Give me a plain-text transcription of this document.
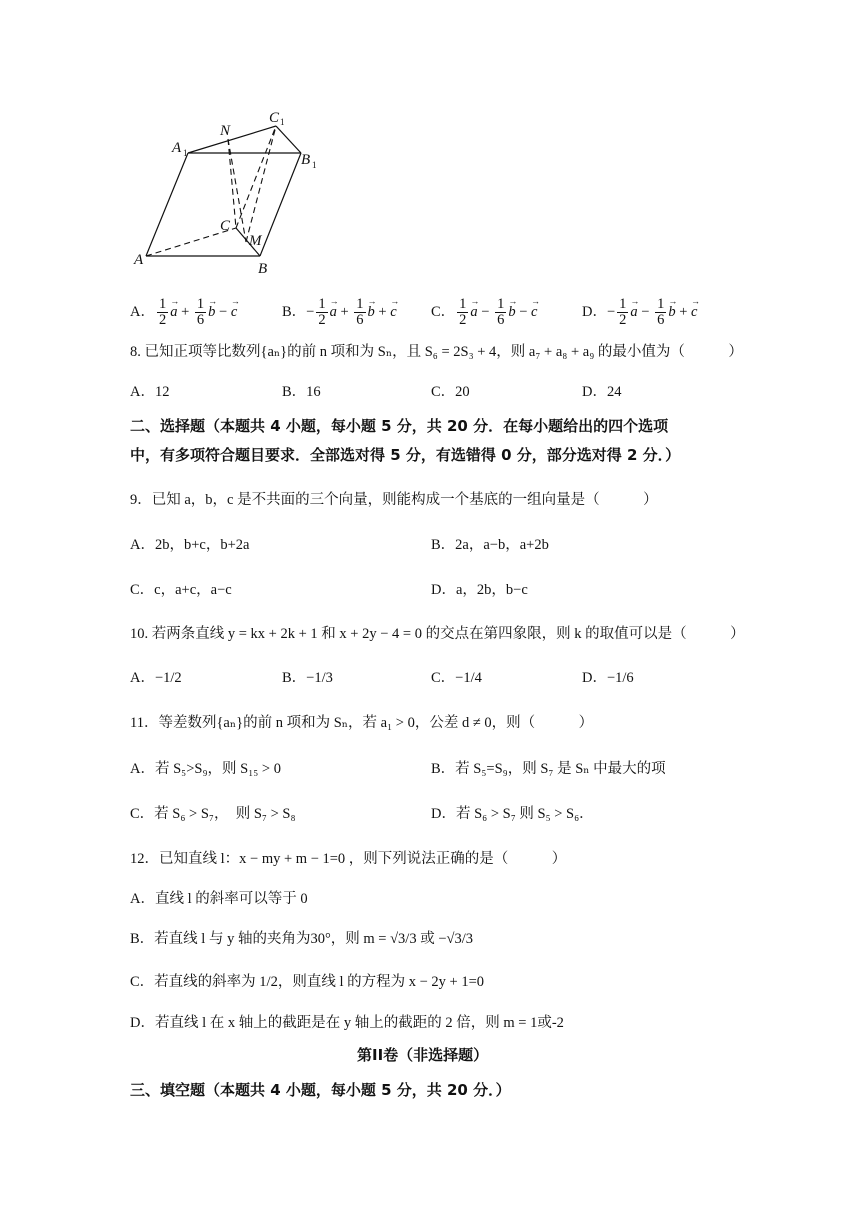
A 1
N
C 1
B 1
C
M
A
B
A． $\frac{1}{2}$
→ $a + \frac{1}{6}$
→ b − → c	B．− $\frac{1}{2}$
→ $a + \frac{1}{6}$
→ b + → c C． $\frac{1}{2}$
→ $a - \frac{1}{6}$
→ b − → c	D．− $\frac{1}{2}$
→ $a - \frac{1}{6}$
→ b + → c
8. 已知正项等比数列{aₙ}的前 n 项和为 Sₙ，且 S₆ = 2S₃ + 4，则 a₇ + a₈ + a₉ 的最小值为（　　　）
A．12	B．16	C．20	D．24
二、选择题（本题共 4 小题，每小题 5 分，共 20 分．在每小题给出的四个选项
中，有多项符合题目要求．全部选对得 5 分，有选错得 0 分，部分选对得 2 分．）
9．已知 a，b，c 是不共面的三个向量，则能构成一个基底的一组向量是（　　　）
A．2b，b+c，b+2a	B．2a，a−b，a+2b
C．c，a+c，a−c	D．a，2b，b−c
10. 若两条直线 y = kx + 2k + 1 和 x + 2y − 4 = 0 的交点在第四象限，则 k 的取值可以是（　　　）
A．−1/2	B．−1/3	C．−1/4	D．−1/6
11．等差数列{aₙ}的前 n 项和为 Sₙ，若 a₁ > 0，公差 d ≠ 0，则（　　　）
A．若 S₅>S₉，则 S₁₅ > 0	B．若 S₅=S₉，则 S₇ 是 Sₙ 中最大的项
C．若 S₆ > S₇，　则 S₇ > S₈	D．若 S₆ > S₇ 则 S₅ > S₆．
12．已知直线 l：x − my + m − 1=0 ，则下列说法正确的是（　　　）
A．直线 l 的斜率可以等于 0
B．若直线 l 与 y 轴的夹角为30°，则 m = √3/3 或 −√3/3
C．若直线的斜率为 1/2，则直线 l 的方程为 x − 2y + 1=0
D．若直线 l 在 x 轴上的截距是在 y 轴上的截距的 2 倍，则 m = 1或-2
第II卷（非选择题）
三、填空题（本题共 4 小题，每小题 5 分，共 20 分．）
